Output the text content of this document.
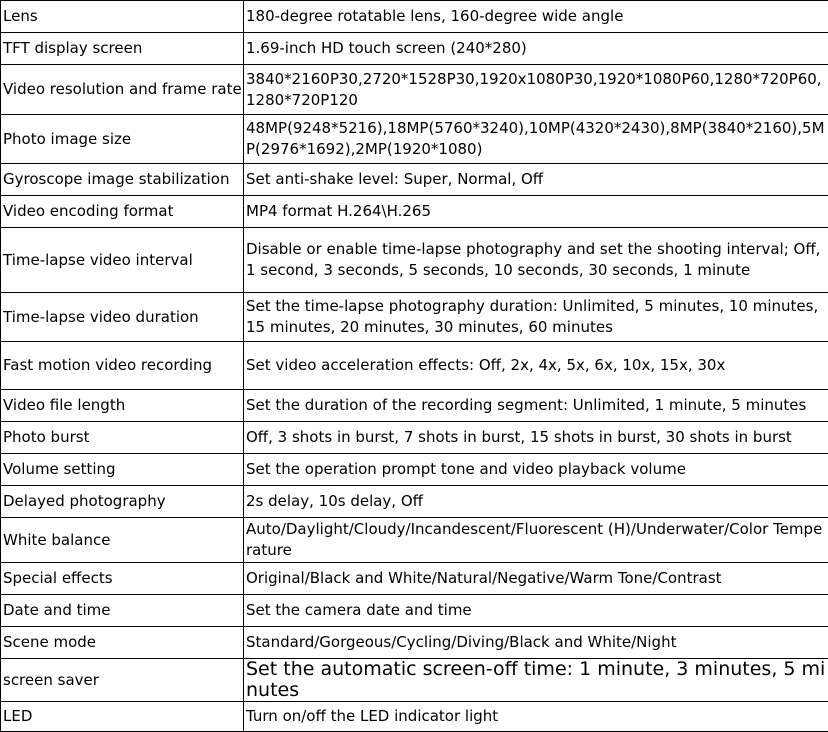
Lens	180-degree rotatable lens, 160-degree wide angle
TFT display screen	1.69-inch HD touch screen (240*280)
Video resolution and frame rate	3840*2160P30,2720*1528P30,1920x1080P30,1920*1080P60,1280*720P60,1280*720P120
Photo image size	48MP(9248*5216),18MP(5760*3240),10MP(4320*2430),8MP(3840*2160),5MP(2976*1692),2MP(1920*1080)
Gyroscope image stabilization	Set anti-shake level: Super, Normal, Off
Video encoding format	MP4 format H.264\H.265
Time-lapse video interval	Disable or enable time-lapse photography and set the shooting interval; Off, 1 second, 3 seconds, 5 seconds, 10 seconds, 30 seconds, 1 minute
Time-lapse video duration	Set the time-lapse photography duration: Unlimited, 5 minutes, 10 minutes, 15 minutes, 20 minutes, 30 minutes, 60 minutes
Fast motion video recording	Set video acceleration effects: Off, 2x, 4x, 5x, 6x, 10x, 15x, 30x
Video file length	Set the duration of the recording segment: Unlimited, 1 minute, 5 minutes
Photo burst	Off, 3 shots in burst, 7 shots in burst, 15 shots in burst, 30 shots in burst
Volume setting	Set the operation prompt tone and video playback volume
Delayed photography	2s delay, 10s delay, Off
White balance	Auto/Daylight/Cloudy/Incandescent/Fluorescent (H)/Underwater/Color Temperature
Special effects	Original/Black and White/Natural/Negative/Warm Tone/Contrast
Date and time	Set the camera date and time
Scene mode	Standard/Gorgeous/Cycling/Diving/Black and White/Night
screen saver	Set the automatic screen-off time: 1 minute, 3 minutes, 5 minutes
LED	Turn on/off the LED indicator light
